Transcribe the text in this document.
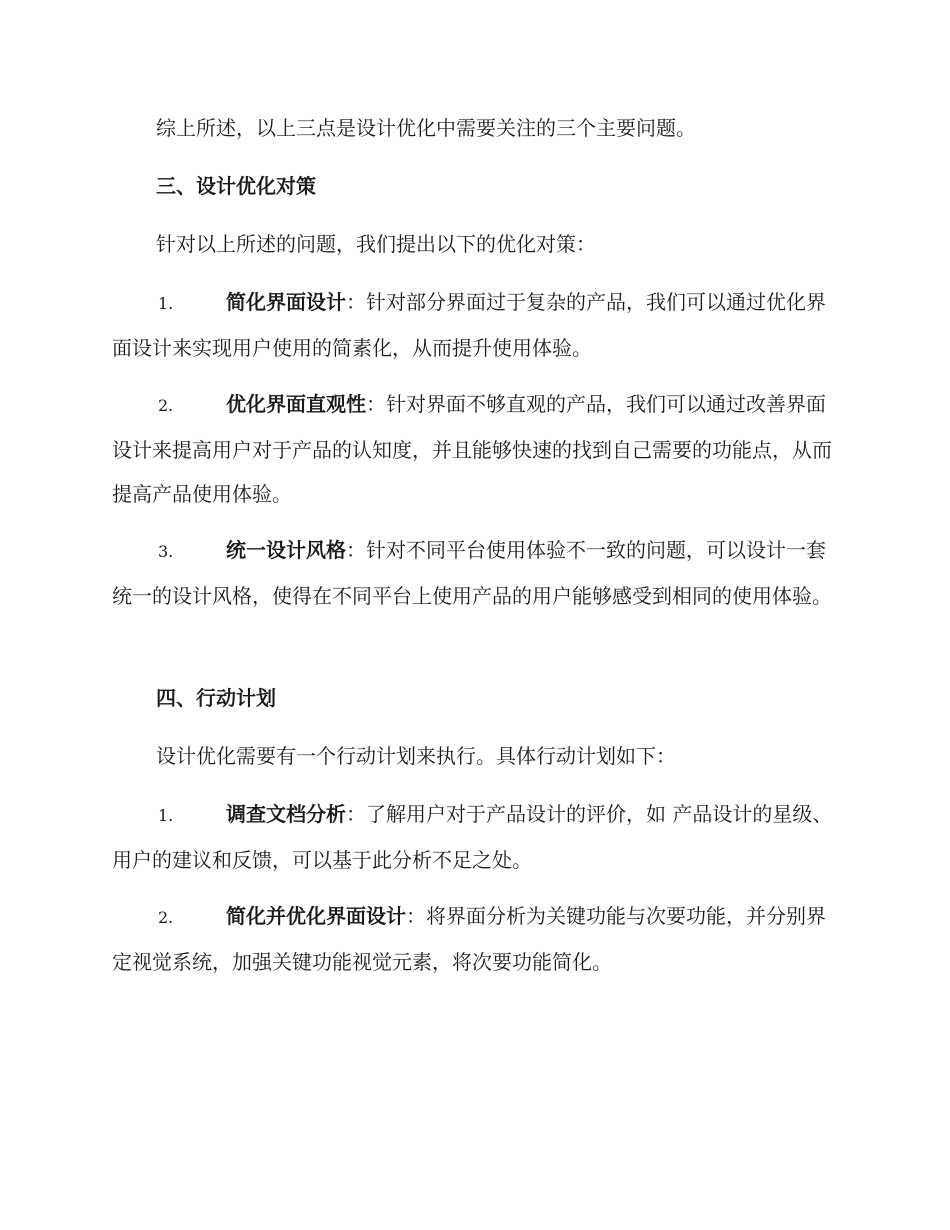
综上所述，以上三点是设计优化中需要关注的三个主要问题。

三、设计优化对策

针对以上所述的问题，我们提出以下的优化对策：

1.	简化界面设计：针对部分界面过于复杂的产品，我们可以通过优化界面设计来实现用户使用的简素化，从而提升使用体验。

2.	优化界面直观性：针对界面不够直观的产品，我们可以通过改善界面设计来提高用户对于产品的认知度，并且能够快速的找到自己需要的功能点，从而提高产品使用体验。

3.	统一设计风格：针对不同平台使用体验不一致的问题，可以设计一套统一的设计风格，使得在不同平台上使用产品的用户能够感受到相同的使用体验。

四、行动计划

设计优化需要有一个行动计划来执行。具体行动计划如下：

1.	调查文档分析：了解用户对于产品设计的评价，如 产品设计的星级、用户的建议和反馈，可以基于此分析不足之处。

2.	简化并优化界面设计：将界面分析为关键功能与次要功能，并分别界定视觉系统，加强关键功能视觉元素，将次要功能简化。
